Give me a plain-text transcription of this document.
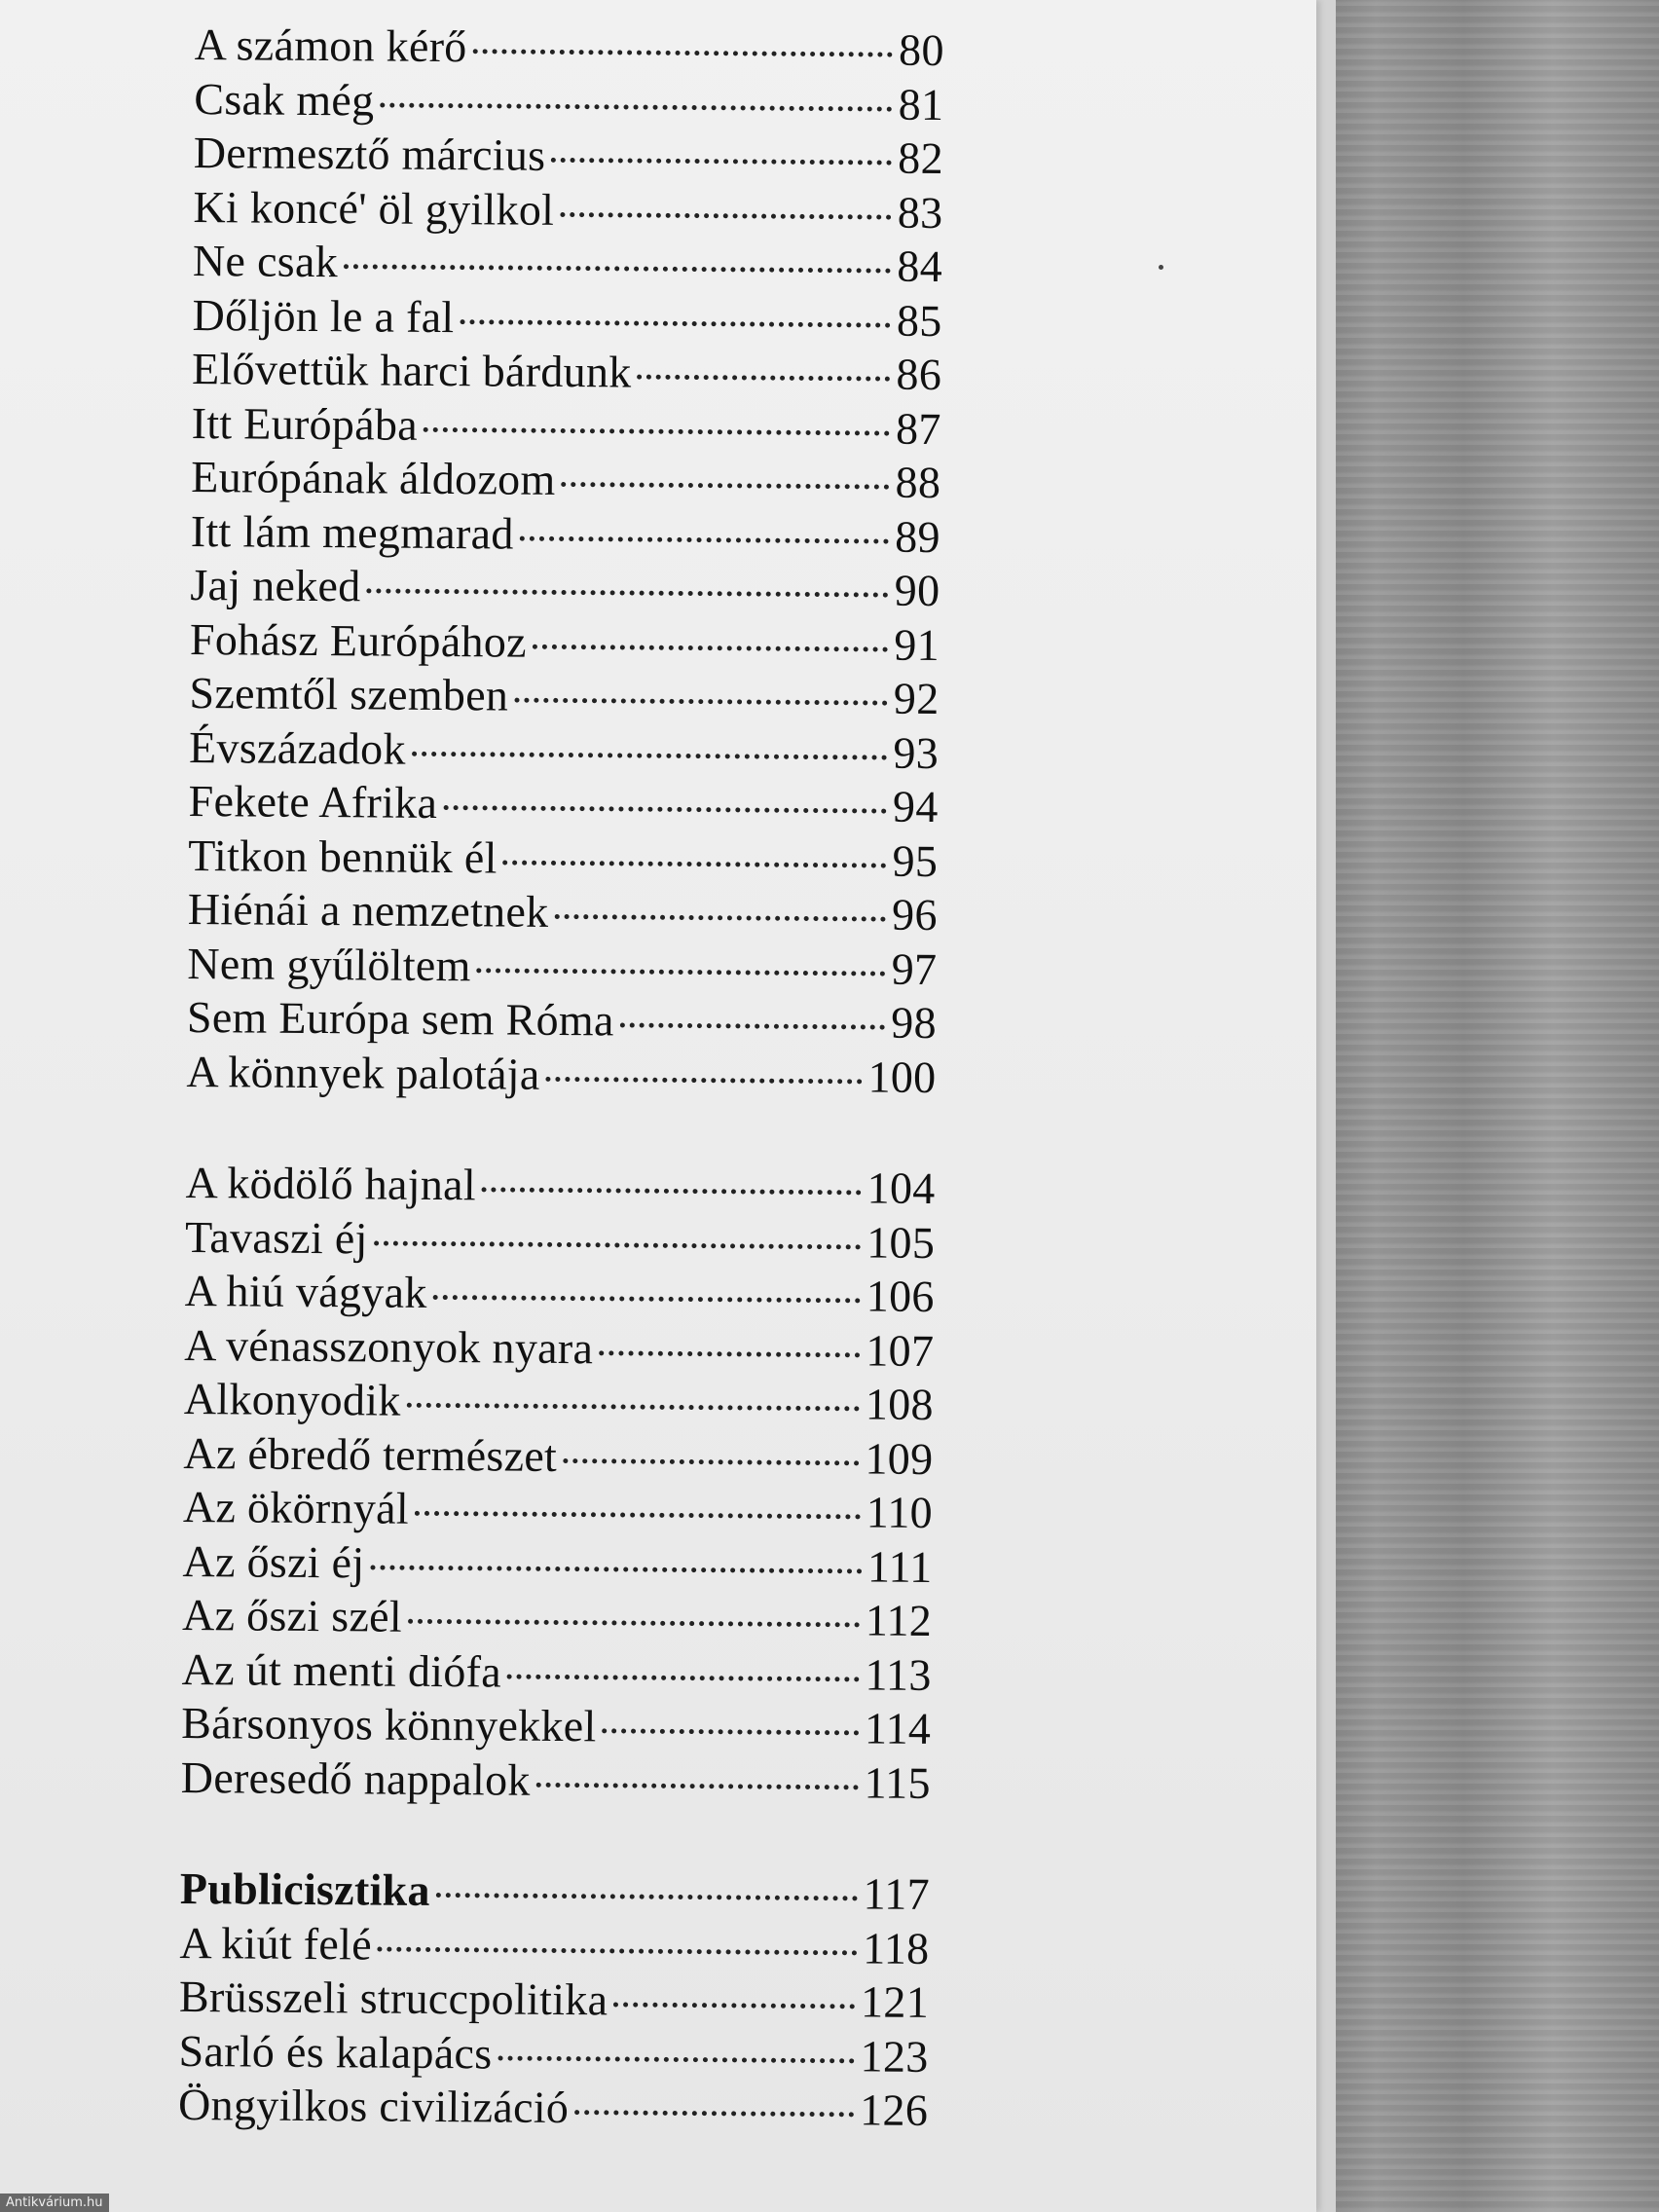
A számon kérő	80
Csak még	81
Dermesztő március	82
Ki koncé' öl gyilkol	83
Ne csak	84
Dőljön le a fal	85
Elővettük harci bárdunk	86
Itt Európába	87
Európának áldozom	88
Itt lám megmarad	89
Jaj neked	90
Fohász Európához	91
Szemtől szemben	92
Évszázadok	93
Fekete Afrika	94
Titkon bennük él	95
Hiénái a nemzetnek	96
Nem gyűlöltem	97
Sem Európa sem Róma	98
A könnyek palotája	100
A ködölő hajnal	104
Tavaszi éj	105
A hiú vágyak	106
A vénasszonyok nyara	107
Alkonyodik	108
Az ébredő természet	109
Az ökörnyál	110
Az őszi éj	111
Az őszi szél	112
Az út menti diófa	113
Bársonyos könnyekkel	114
Deresedő nappalok	115
Publicisztika	117
A kiút felé	118
Brüsszeli struccpolitika	121
Sarló és kalapács	123
Öngyilkos civilizáció	126
Antikvárium.hu
